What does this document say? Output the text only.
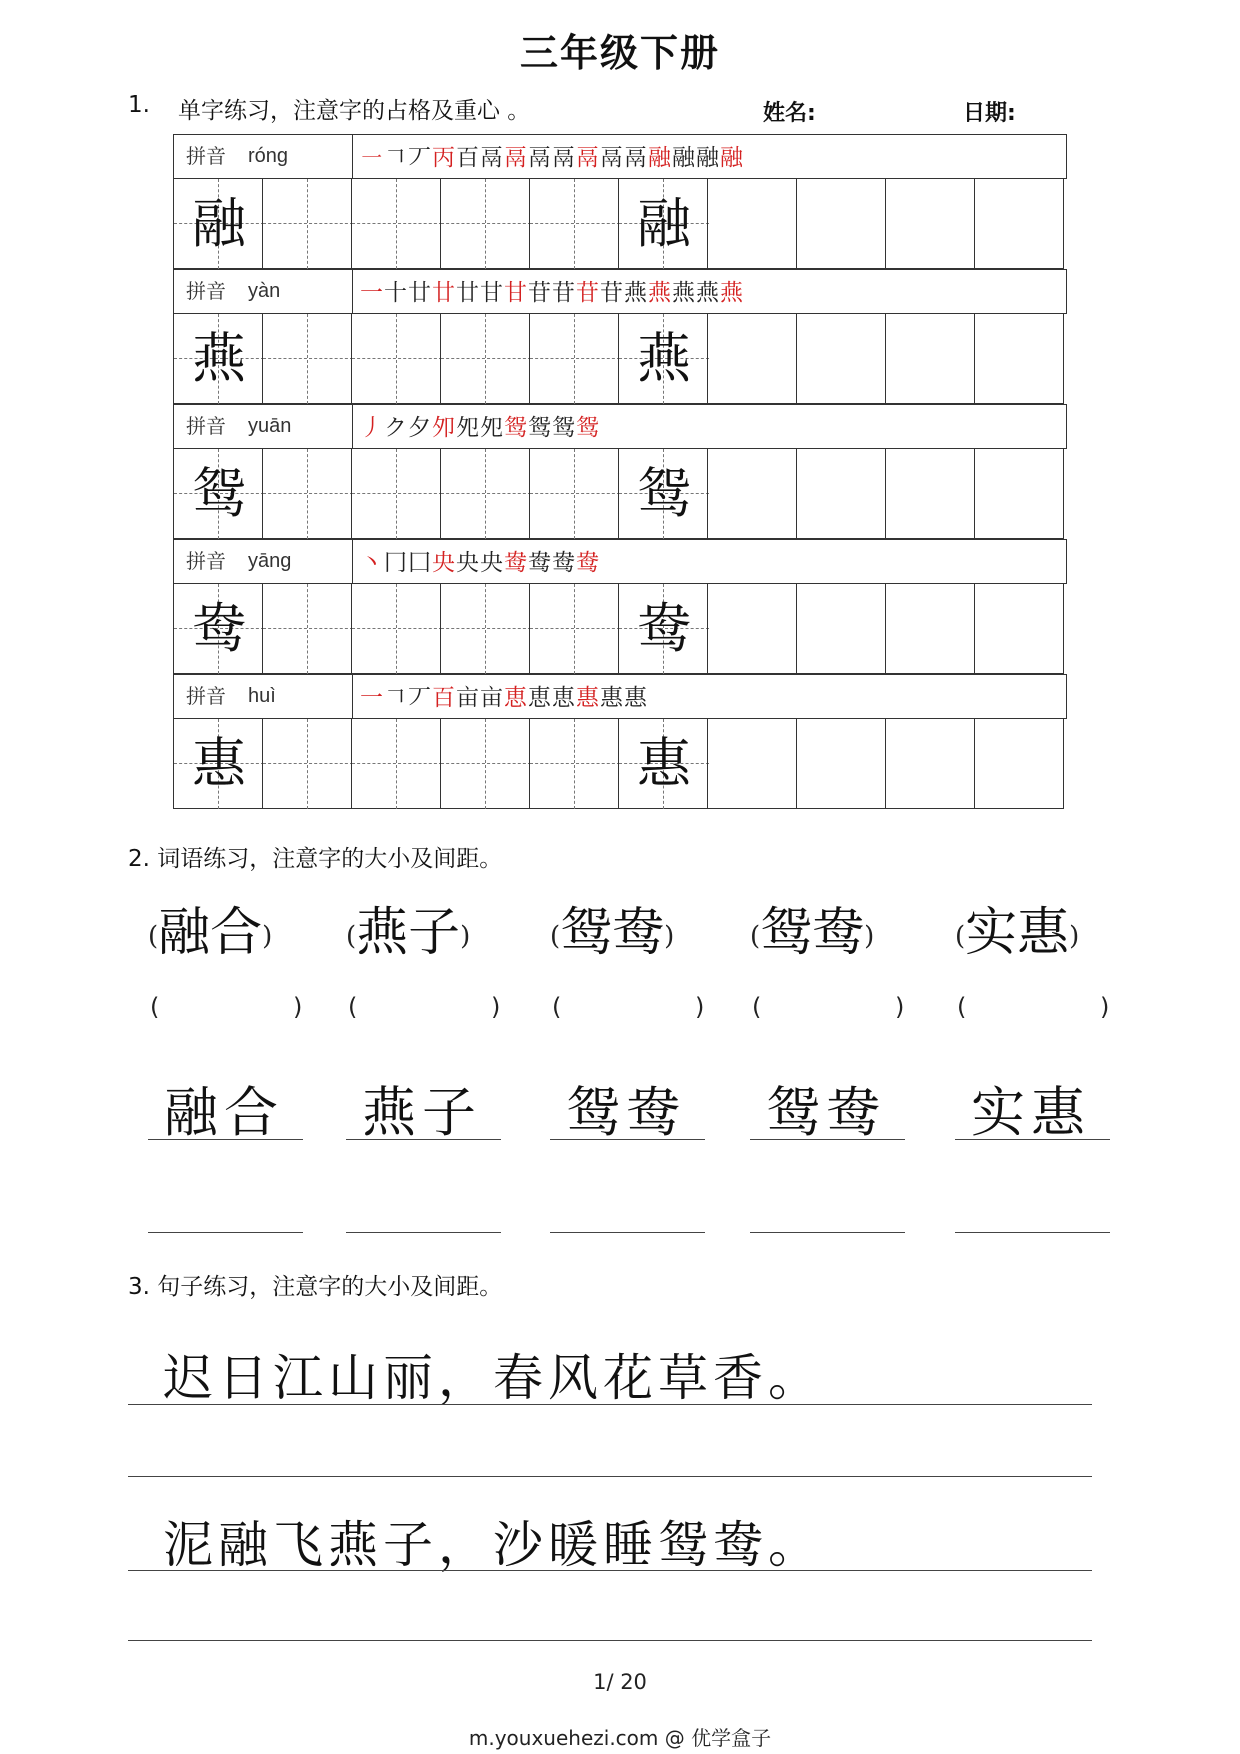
三年级下册
1. 单字练习，注意字的占格及重心 。	姓名:	日期:
拼音 róng	㇐𠃍丆丙百鬲鬲鬲鬲鬲鬲鬲融融融融
融	融
拼音 yàn	一十廿廿廿甘甘苷苷苷苷燕燕燕燕燕
燕	燕
拼音 yuān	丿ク夕夘夗夗鸳鸳鸳鸳
鸳	鸳
拼音 yāng	丶冂囗央央央鸯鸯鸯鸯
鸯	鸯
拼音 huì	一𠃍丆百亩亩恵恵恵惠惠惠
惠	惠
2. 词语练习，注意字的大小及间距。
(融合)
(	)
融合
(燕子)
(	)
燕子
(鸳鸯)
(	)
鸳鸯
(鸳鸯)
(	)
鸳鸯
(实惠)
(	)
实惠
3. 句子练习，注意字的大小及间距。
迟日江山丽，春风花草香。
泥融飞燕子，沙暖睡鸳鸯。
1/ 20
m.youxuehezi.com @ 优学盒子
